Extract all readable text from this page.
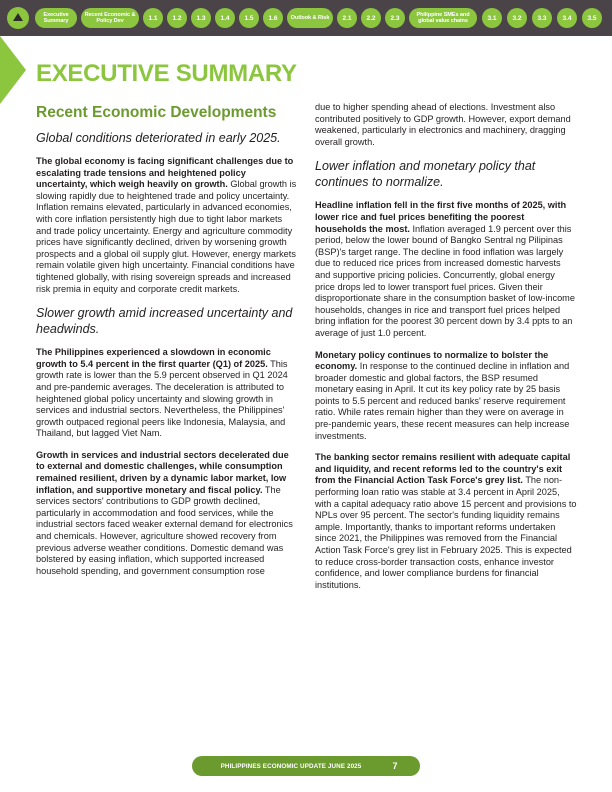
Executive Summary
Recent Economic & Policy Dev	1.1	1.2	1.3	1.4	1.5	1.6	Outlook & Risk	2.1	2.2	2.3	Philippine SMEs and global value chains	3.1	3.2	3.3	3.4	3.5
EXECUTIVE SUMMARY
Recent Economic Developments
Global conditions deteriorated in early 2025.

The global economy is facing significant challenges due to escalating trade tensions and heightened policy uncertainty, which weigh heavily on growth. Global growth is slowing rapidly due to heightened trade and policy uncertainty. Inflation remains elevated, particularly in advanced economies, with core inflation persistently high due to tight labor markets and trade policy uncertainty. Energy and agriculture commodity prices have significantly declined, driven by worsening growth prospects and a global oil supply glut. However, energy markets remain volatile given high uncertainty. Financial conditions have tightened globally, with rising sovereign spreads and increased risk premia in equity and corporate credit markets.

Slower growth amid increased uncertainty and headwinds.

The Philippines experienced a slowdown in economic growth to 5.4 percent in the first quarter (Q1) of 2025. This growth rate is lower than the 5.9 percent observed in Q1 2024 and pre-pandemic averages. The deceleration is attributed to heightened global policy uncertainty and slowing growth in services and industrial sectors. Nevertheless, the Philippines' growth outpaced regional peers like Indonesia, Malaysia, and Thailand, but lagged Viet Nam.

Growth in services and industrial sectors decelerated due to external and domestic challenges, while consumption remained resilient, driven by a dynamic labor market, low inflation, and supportive monetary and fiscal policy. The services sectors' contributions to GDP growth declined, particularly in accommodation and food services, while the industrial sectors faced weaker external demand for electronics and chemicals. However, agriculture showed recovery from previous adverse weather conditions. Domestic demand was bolstered by easing inflation, which supported increased household spending, and government consumption rose

due to higher spending ahead of elections. Investment also contributed positively to GDP growth. However, export demand weakened, particularly in electronics and machinery, dragging overall growth.

Lower inflation and monetary policy that continues to normalize.

Headline inflation fell in the first five months of 2025, with lower rice and fuel prices benefiting the poorest households the most. Inflation averaged 1.9 percent over this period, below the lower bound of Bangko Sentral ng Pilipinas (BSP)'s target range. The decline in food inflation was largely due to reduced rice prices from increased domestic harvests and supportive pricing policies. Concurrently, global energy price drops led to lower transport fuel prices. Given their disproportionate share in the consumption basket of low-income households, changes in rice and transport fuel prices helped bring inflation for the poorest 30 percent down by 3.4 ppts to an average of just 1.0 percent.

Monetary policy continues to normalize to bolster the economy. In response to the continued decline in inflation and broader domestic and global factors, the BSP resumed monetary easing in April. It cut its key policy rate by 25 basis points to 5.5 percent and reduced banks' reserve requirement ratio. While rates remain higher than they were on average in pre-pandemic years, these recent measures can help increase investments.

The banking sector remains resilient with adequate capital and liquidity, and recent reforms led to the country's exit from the Financial Action Task Force's grey list. The non-performing loan ratio was stable at 3.4 percent in April 2025, with a capital adequacy ratio above 15 percent and provisions to NPLs over 95 percent. The sector's funding liquidity remains ample. Importantly, thanks to important reforms undertaken since 2021, the Philippines was removed from the Financial Action Task Force's grey list in February 2025. This is expected to reduce cross-border transaction costs, enhance investor confidence, and lower compliance burdens for financial institutions.

PHILIPPINES ECONOMIC UPDATE JUNE 2025	7
